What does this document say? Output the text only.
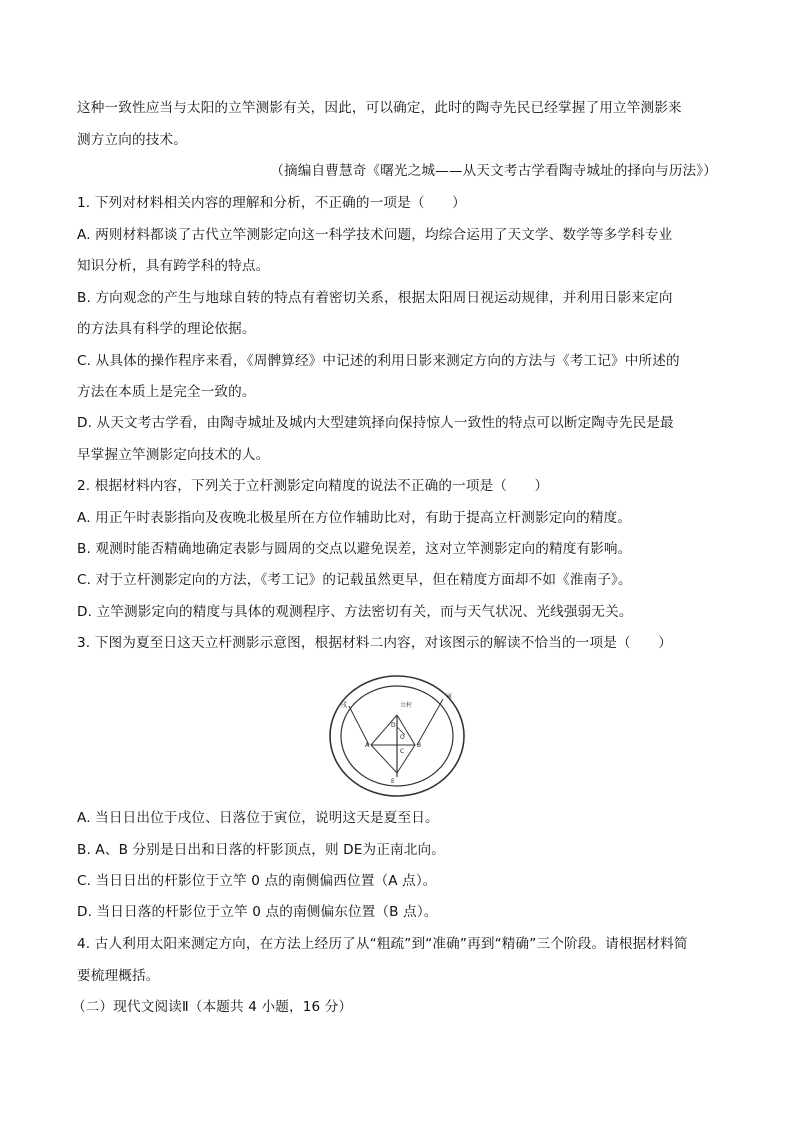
这种一致性应当与太阳的立竿测影有关，因此，可以确定，此时的陶寺先民已经掌握了用立竿测影来
测方立向的技术。
（摘编自曹慧奇《曙光之城——从天文考古学看陶寺城址的择向与历法》）
1. 下列对材料相关内容的理解和分析，不正确的一项是（　　）
A. 两则材料都谈了古代立竿测影定向这一科学技术问题，均综合运用了天文学、数学等多学科专业
知识分析，具有跨学科的特点。
B. 方向观念的产生与地球自转的特点有着密切关系，根据太阳周日视运动规律，并利用日影来定向
的方法具有科学的理论依据。
C. 从具体的操作程序来看，《周髀算经》中记述的利用日影来测定方向的方法与《考工记》中所述的
方法在本质上是完全一致的。
D. 从天文考古学看，由陶寺城址及城内大型建筑择向保持惊人一致性的特点可以断定陶寺先民是最
早掌握立竿测影定向技术的人。
2. 根据材料内容，下列关于立杆测影定向精度的说法不正确的一项是（　　）
A. 用正午时表影指向及夜晚北极星所在方位作辅助比对，有助于提高立杆测影定向的精度。
B. 观测时能否精确地确定表影与圆周的交点以避免误差，这对立竿测影定向的精度有影响。
C. 对于立杆测影定向的方法，《考工记》的记载虽然更早，但在精度方面却不如《淮南子》。
D. 立竿测影定向的精度与具体的观测程序、方法密切有关，而与天气状况、光线强弱无关。
3. 下图为夏至日这天立杆测影示意图，根据材料二内容，对该图示的解读不恰当的一项是（　　）
立杆
戌
寅
D
E
A	B
O
C
A. 当日日出位于戌位、日落位于寅位，说明这天是夏至日。
B. A、B 分别是日出和日落的杆影顶点，则 DE为正南北向。
C. 当日日出的杆影位于立竿 0 点的南侧偏西位置（A 点）。
D. 当日日落的杆影位于立竿 0 点的南侧偏东位置（B 点）。
4. 古人利用太阳来测定方向，在方法上经历了从“粗疏”到“准确”再到“精确”三个阶段。请根据材料简
要梳理概括。
（二）现代文阅读Ⅱ（本题共 4 小题，16 分）
